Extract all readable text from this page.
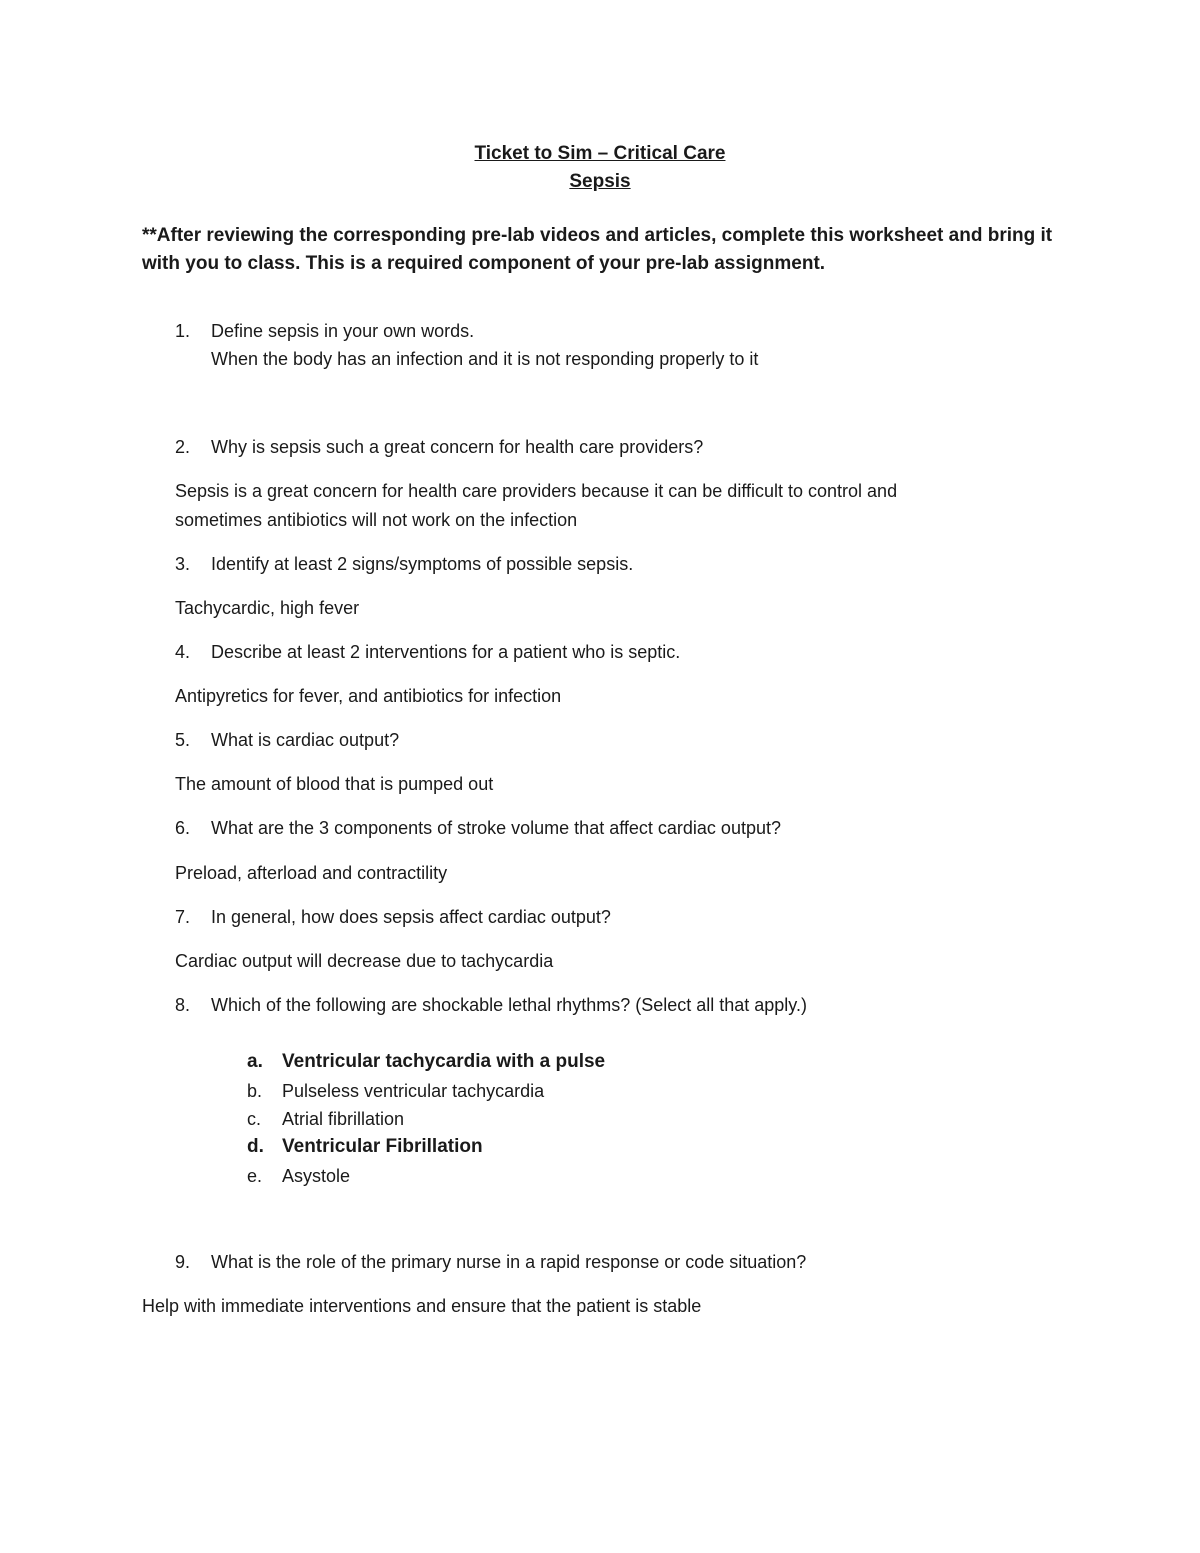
Ticket to Sim – Critical Care
Sepsis
**After reviewing the corresponding pre-lab videos and articles, complete this worksheet and bring it with you to class. This is a required component of your pre-lab assignment.
1. Define sepsis in your own words.
When the body has an infection and it is not responding properly to it
2. Why is sepsis such a great concern for health care providers?
Sepsis is a great concern for health care providers because it can be difficult to control and
sometimes antibiotics will not work on the infection
3. Identify at least 2 signs/symptoms of possible sepsis.
Tachycardic, high fever
4. Describe at least 2 interventions for a patient who is septic.
Antipyretics for fever, and antibiotics for infection
5. What is cardiac output?
The amount of blood that is pumped out
6. What are the 3 components of stroke volume that affect cardiac output?
Preload, afterload and contractility
7. In general, how does sepsis affect cardiac output?
Cardiac output will decrease due to tachycardia
8. Which of the following are shockable lethal rhythms? (Select all that apply.)
a. Ventricular tachycardia with a pulse
b. Pulseless ventricular tachycardia
c. Atrial fibrillation
d. Ventricular Fibrillation
e. Asystole
9. What is the role of the primary nurse in a rapid response or code situation?
Help with immediate interventions and ensure that the patient is stable
